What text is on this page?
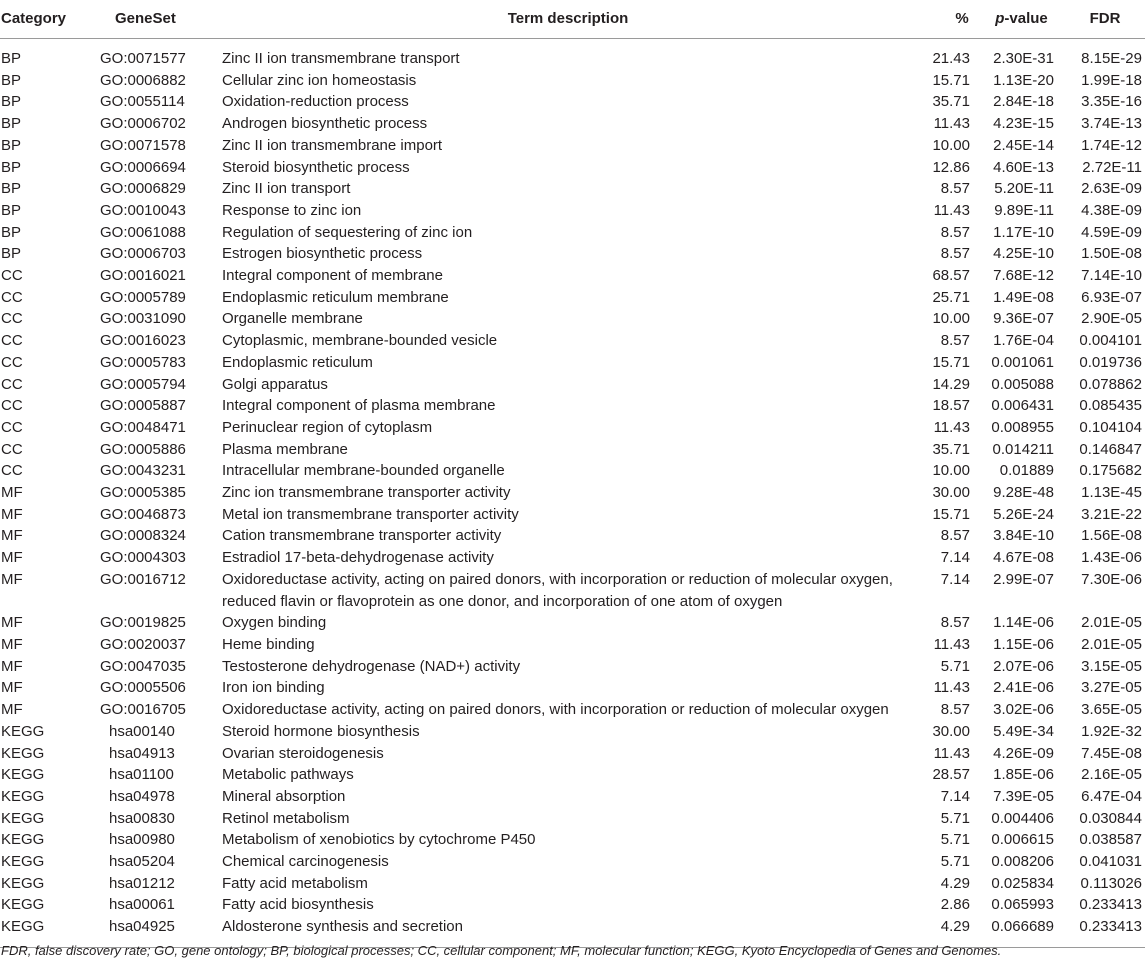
Category	GeneSet	Term description	%	p-value	FDR
BP	GO:0071577	Zinc II ion transmembrane transport	21.43	2.30E-31	8.15E-29
BP	GO:0006882	Cellular zinc ion homeostasis	15.71	1.13E-20	1.99E-18
BP	GO:0055114	Oxidation-reduction process	35.71	2.84E-18	3.35E-16
BP	GO:0006702	Androgen biosynthetic process	11.43	4.23E-15	3.74E-13
BP	GO:0071578	Zinc II ion transmembrane import	10.00	2.45E-14	1.74E-12
BP	GO:0006694	Steroid biosynthetic process	12.86	4.60E-13	2.72E-11
BP	GO:0006829	Zinc II ion transport	8.57	5.20E-11	2.63E-09
BP	GO:0010043	Response to zinc ion	11.43	9.89E-11	4.38E-09
BP	GO:0061088	Regulation of sequestering of zinc ion	8.57	1.17E-10	4.59E-09
BP	GO:0006703	Estrogen biosynthetic process	8.57	4.25E-10	1.50E-08
CC	GO:0016021	Integral component of membrane	68.57	7.68E-12	7.14E-10
CC	GO:0005789	Endoplasmic reticulum membrane	25.71	1.49E-08	6.93E-07
CC	GO:0031090	Organelle membrane	10.00	9.36E-07	2.90E-05
CC	GO:0016023	Cytoplasmic, membrane-bounded vesicle	8.57	1.76E-04	0.004101
CC	GO:0005783	Endoplasmic reticulum	15.71	0.001061	0.019736
CC	GO:0005794	Golgi apparatus	14.29	0.005088	0.078862
CC	GO:0005887	Integral component of plasma membrane	18.57	0.006431	0.085435
CC	GO:0048471	Perinuclear region of cytoplasm	11.43	0.008955	0.104104
CC	GO:0005886	Plasma membrane	35.71	0.014211	0.146847
CC	GO:0043231	Intracellular membrane-bounded organelle	10.00	0.01889	0.175682
MF	GO:0005385	Zinc ion transmembrane transporter activity	30.00	9.28E-48	1.13E-45
MF	GO:0046873	Metal ion transmembrane transporter activity	15.71	5.26E-24	3.21E-22
MF	GO:0008324	Cation transmembrane transporter activity	8.57	3.84E-10	1.56E-08
MF	GO:0004303	Estradiol 17-beta-dehydrogenase activity	7.14	4.67E-08	1.43E-06
MF	GO:0016712	Oxidoreductase activity, acting on paired donors, with incorporation or reduction of molecular oxygen, reduced flavin or flavoprotein as one donor, and incorporation of one atom of oxygen	7.14	2.99E-07	7.30E-06
MF	GO:0019825	Oxygen binding	8.57	1.14E-06	2.01E-05
MF	GO:0020037	Heme binding	11.43	1.15E-06	2.01E-05
MF	GO:0047035	Testosterone dehydrogenase (NAD+) activity	5.71	2.07E-06	3.15E-05
MF	GO:0005506	Iron ion binding	11.43	2.41E-06	3.27E-05
MF	GO:0016705	Oxidoreductase activity, acting on paired donors, with incorporation or reduction of molecular oxygen	8.57	3.02E-06	3.65E-05
KEGG	hsa00140	Steroid hormone biosynthesis	30.00	5.49E-34	1.92E-32
KEGG	hsa04913	Ovarian steroidogenesis	11.43	4.26E-09	7.45E-08
KEGG	hsa01100	Metabolic pathways	28.57	1.85E-06	2.16E-05
KEGG	hsa04978	Mineral absorption	7.14	7.39E-05	6.47E-04
KEGG	hsa00830	Retinol metabolism	5.71	0.004406	0.030844
KEGG	hsa00980	Metabolism of xenobiotics by cytochrome P450	5.71	0.006615	0.038587
KEGG	hsa05204	Chemical carcinogenesis	5.71	0.008206	0.041031
KEGG	hsa01212	Fatty acid metabolism	4.29	0.025834	0.113026
KEGG	hsa00061	Fatty acid biosynthesis	2.86	0.065993	0.233413
KEGG	hsa04925	Aldosterone synthesis and secretion	4.29	0.066689	0.233413
FDR, false discovery rate; GO, gene ontology; BP, biological processes; CC, cellular component; MF, molecular function; KEGG, Kyoto Encyclopedia of Genes and Genomes.
